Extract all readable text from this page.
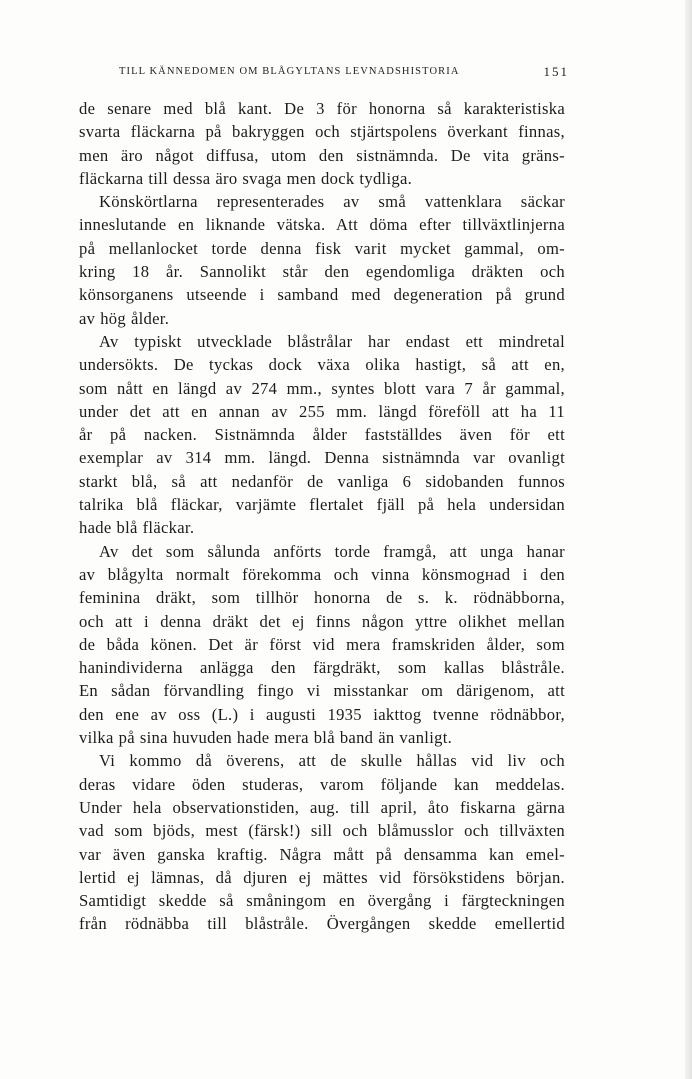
TILL KÄNNEDOMEN OM BLÅGYLTANS LEVNADSHISTORIA	151
de senare med blå kant. De 3 för honorna så karakteristiska
svarta fläckarna på bakryggen och stjärtspolens överkant finnas,
men äro något diffusa, utom den sistnämnda. De vita gräns-
fläckarna till dessa äro svaga men dock tydliga.
Könskörtlarna representerades av små vattenklara säckar
inneslutande en liknande vätska. Att döma efter tillväxtlinjerna
på mellanlocket torde denna fisk varit mycket gammal, om-
kring 18 år. Sannolikt står den egendomliga dräkten och
könsorganens utseende i samband med degeneration på grund
av hög ålder.
Av typiskt utvecklade blåstrålar har endast ett mindretal
undersökts. De tyckas dock växa olika hastigt, så att en,
som nått en längd av 274 mm., syntes blott vara 7 år gammal,
under det att en annan av 255 mm. längd föreföll att ha 11
år på nacken. Sistnämnda ålder fastställdes även för ett
exemplar av 314 mm. längd. Denna sistnämnda var ovanligt
starkt blå, så att nedanför de vanliga 6 sidobanden funnos
talrika blå fläckar, varjämte flertalet fjäll på hela undersidan
hade blå fläckar.
Av det som sålunda anförts torde framgå, att unga hanar
av blågylta normalt förekomma och vinna könsmogнad i den
feminina dräkt, som tillhör honorna de s. k. rödnäbborna,
och att i denna dräkt det ej finns någon yttre olikhet mellan
de båda könen. Det är först vid mera framskriden ålder, som
hanindividerna anlägga den färgdräkt, som kallas blåstråle.
En sådan förvandling fingo vi misstankar om därigenom, att
den ene av oss (L.) i augusti 1935 iakttog tvenne rödnäbbor,
vilka på sina huvuden hade mera blå band än vanligt.
Vi kommo då överens, att de skulle hållas vid liv och
deras vidare öden studeras, varom följande kan meddelas.
Under hela observationstiden, aug. till april, åto fiskarna gärna
vad som bjöds, mest (färsk!) sill och blåmusslor och tillväxten
var även ganska kraftig. Några mått på densamma kan emel-
lertid ej lämnas, då djuren ej mättes vid försökstidens början.
Samtidigt skedde så småningom en övergång i färgteckningen
från rödnäbba till blåstråle. Övergången skedde emellertid
